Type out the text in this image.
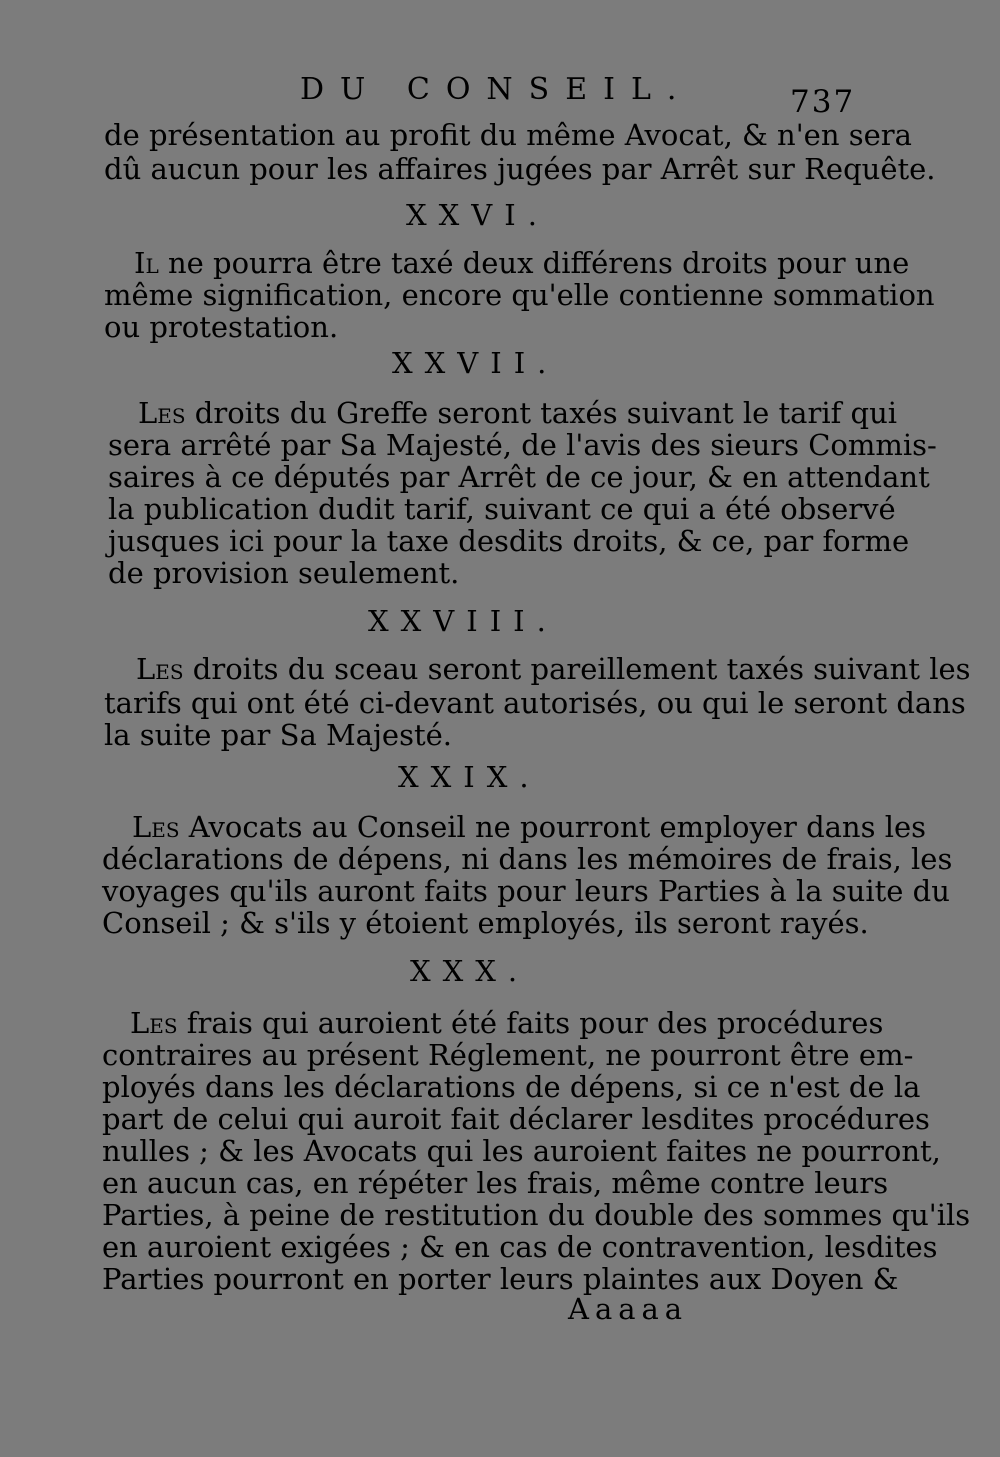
DU CONSEIL.	737
de présentation au profit du même Avocat, & n'en sera
dû aucun pour les affaires jugées par Arrêt sur Requête.
XXVI.
Il ne pourra être taxé deux différens droits pour une
même signification, encore qu'elle contienne sommation
ou protestation.
XXVII.
Les droits du Greffe seront taxés suivant le tarif qui
sera arrêté par Sa Majesté, de l'avis des sieurs Commis-
saires à ce députés par Arrêt de ce jour, & en attendant
la publication dudit tarif, suivant ce qui a été observé
jusques ici pour la taxe desdits droits, & ce, par forme
de provision seulement.
XXVIII.
Les droits du sceau seront pareillement taxés suivant les
tarifs qui ont été ci-devant autorisés, ou qui le seront dans
la suite par Sa Majesté.
XXIX.
Les Avocats au Conseil ne pourront employer dans les
déclarations de dépens, ni dans les mémoires de frais, les
voyages qu'ils auront faits pour leurs Parties à la suite du
Conseil ; & s'ils y étoient employés, ils seront rayés.
XXX.
Les frais qui auroient été faits pour des procédures
contraires au présent Réglement, ne pourront être em-
ployés dans les déclarations de dépens, si ce n'est de la
part de celui qui auroit fait déclarer lesdites procédures
nulles ; & les Avocats qui les auroient faites ne pourront,
en aucun cas, en répéter les frais, même contre leurs
Parties, à peine de restitution du double des sommes qu'ils
en auroient exigées ; & en cas de contravention, lesdites
Parties pourront en porter leurs plaintes aux Doyen &
Aaaaa
